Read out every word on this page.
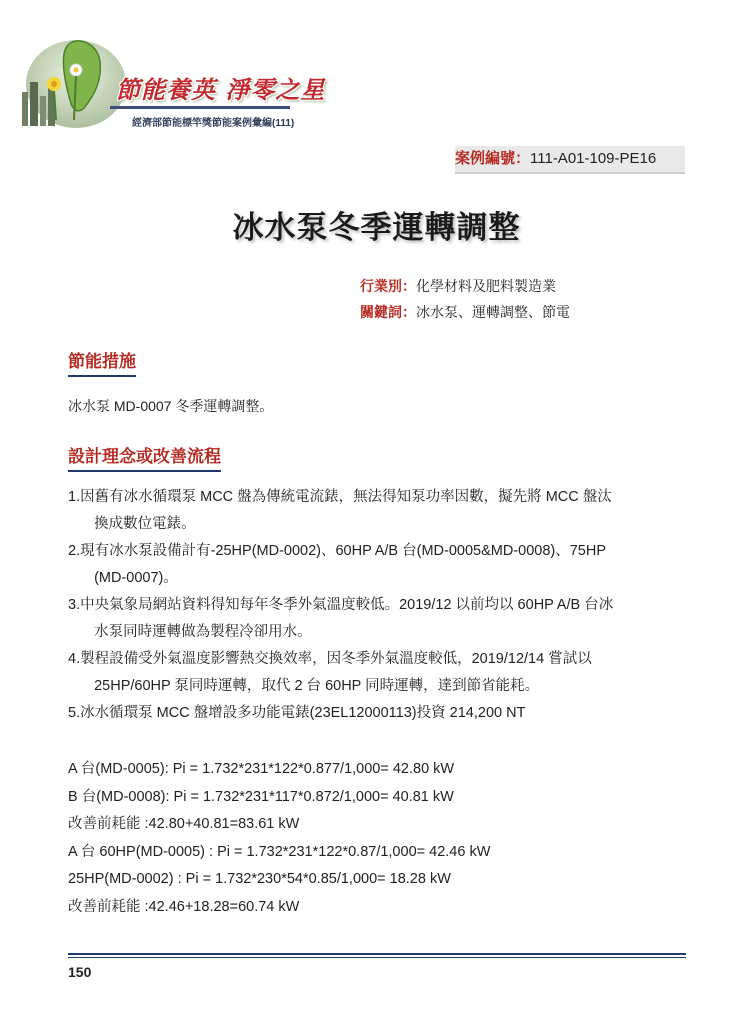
節能養英 淨零之星
經濟部節能標竿獎節能案例彙編(111)
案例編號：111-A01-109-PE16
冰水泵冬季運轉調整
行業別：化學材料及肥料製造業
關鍵詞：冰水泵、運轉調整、節電
節能措施
冰水泵 MD-0007 冬季運轉調整。
設計理念或改善流程
1. 因舊有冰水循環泵 MCC 盤為傳統電流錶，無法得知泵功率因數，擬先將 MCC 盤汰
換成數位電錶。
2. 現有冰水泵設備計有-25HP(MD-0002)、60HP A/B 台(MD-0005&MD-0008)、75HP
(MD-0007)。
3. 中央氣象局網站資料得知每年冬季外氣溫度較低。2019/12 以前均以 60HP A/B 台冰
水泵同時運轉做為製程冷卻用水。
4. 製程設備受外氣溫度影響熱交換效率，因冬季外氣溫度較低，2019/12/14 嘗試以
25HP/60HP 泵同時運轉，取代 2 台 60HP 同時運轉，達到節省能耗。
5. 冰水循環泵 MCC 盤增設多功能電錶(23EL12000113)投資 214,200 NT
A 台(MD-0005): Pi = 1.732*231*122*0.877/1,000= 42.80 kW
B 台(MD-0008): Pi = 1.732*231*117*0.872/1,000= 40.81 kW
改善前耗能 :42.80+40.81=83.61 kW
A 台 60HP(MD-0005) : Pi = 1.732*231*122*0.87/1,000= 42.46 kW
25HP(MD-0002) : Pi = 1.732*230*54*0.85/1,000= 18.28 kW
改善前耗能 :42.46+18.28=60.74 kW
150
